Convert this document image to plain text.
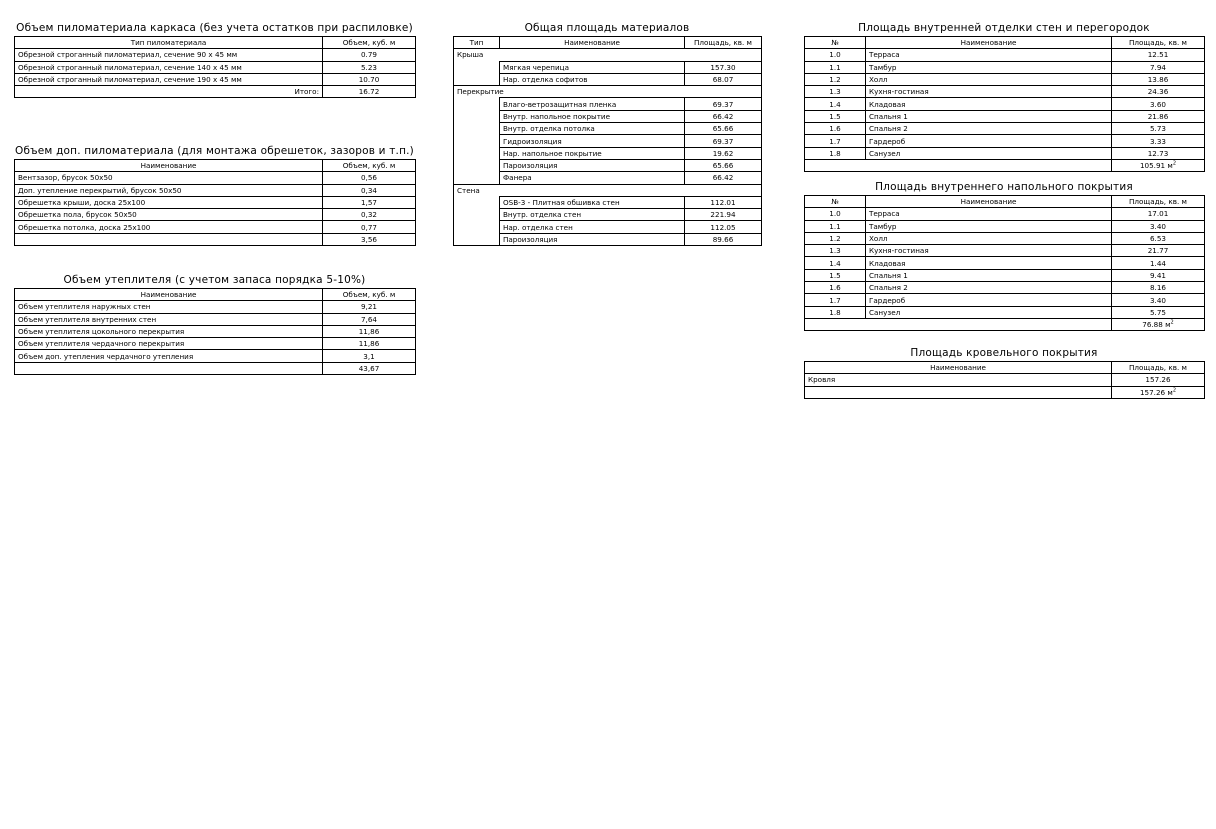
Объем пиломатериала каркаса (без учета остатков при распиловке)
Тип пиломатериала	Объем, куб. м
Обрезной строганный пиломатериал, сечение 90 х 45 мм	0.79
Обрезной строганный пиломатериал, сечение 140 х 45 мм	5.23
Обрезной строганный пиломатериал, сечение 190 х 45 мм	10.70
Итого:	16.72
Объем доп. пиломатериала (для монтажа обрешеток, зазоров и т.п.)
Наименование	Объем, куб. м
Вентзазор, брусок 50х50	0,56
Доп. утепление перекрытий, брусок 50х50	0,34
Обрешетка крыши, доска 25х100	1,57
Обрешетка пола, брусок 50х50	0,32
Обрешетка потолка, доска 25х100	0,77
	3,56
Объем утеплителя (с учетом запаса порядка 5-10%)
Наименование	Объем, куб. м
Объем утеплителя наружных стен	9,21
Объем утеплителя внутренних стен	7,64
Объем утеплителя цокольного перекрытия	11,86
Объем утеплителя чердачного перекрытия	11,86
Объем доп. утепления чердачного утепления	3,1
	43,67
Общая площадь материалов
Тип	Наименование	Площадь, кв. м
Крыша		
	Мягкая черепица	157.30
	Нар. отделка софитов	68.07
Перекрытие		
	Влаго-ветрозащитная пленка	69.37
	Внутр. напольное покрытие	66.42
	Внутр. отделка потолка	65.66
	Гидроизоляция	69.37
	Нар. напольное покрытие	19.62
	Пароизоляция	65.66
	Фанера	66.42
Стена		
	OSB-3 - Плитная обшивка стен	112.01
	Внутр. отделка стен	221.94
	Нар. отделка стен	112.05
	Пароизоляция	89.66
Площадь внутренней отделки стен и перегородок
№	Наименование	Площадь, кв. м
1.0	Терраса	12.51
1.1	Тамбур	7.94
1.2	Холл	13.86
1.3	Кухня-гостиная	24.36
1.4	Кладовая	3.60
1.5	Спальня 1	21.86
1.6	Спальня 2	5.73
1.7	Гардероб	3.33
1.8	Санузел	12.73
		105.91 $м^2$
Площадь внутреннего напольного покрытия
№	Наименование	Площадь, кв. м
1.0	Терраса	17.01
1.1	Тамбур	3.40
1.2	Холл	6.53
1.3	Кухня-гостиная	21.77
1.4	Кладовая	1.44
1.5	Спальня 1	9.41
1.6	Спальня 2	8.16
1.7	Гардероб	3.40
1.8	Санузел	5.75
		76.88 $м^2$
Площадь кровельного покрытия
Наименование	Площадь, кв. м
Кровля	157.26
	157.26 $м^2$
